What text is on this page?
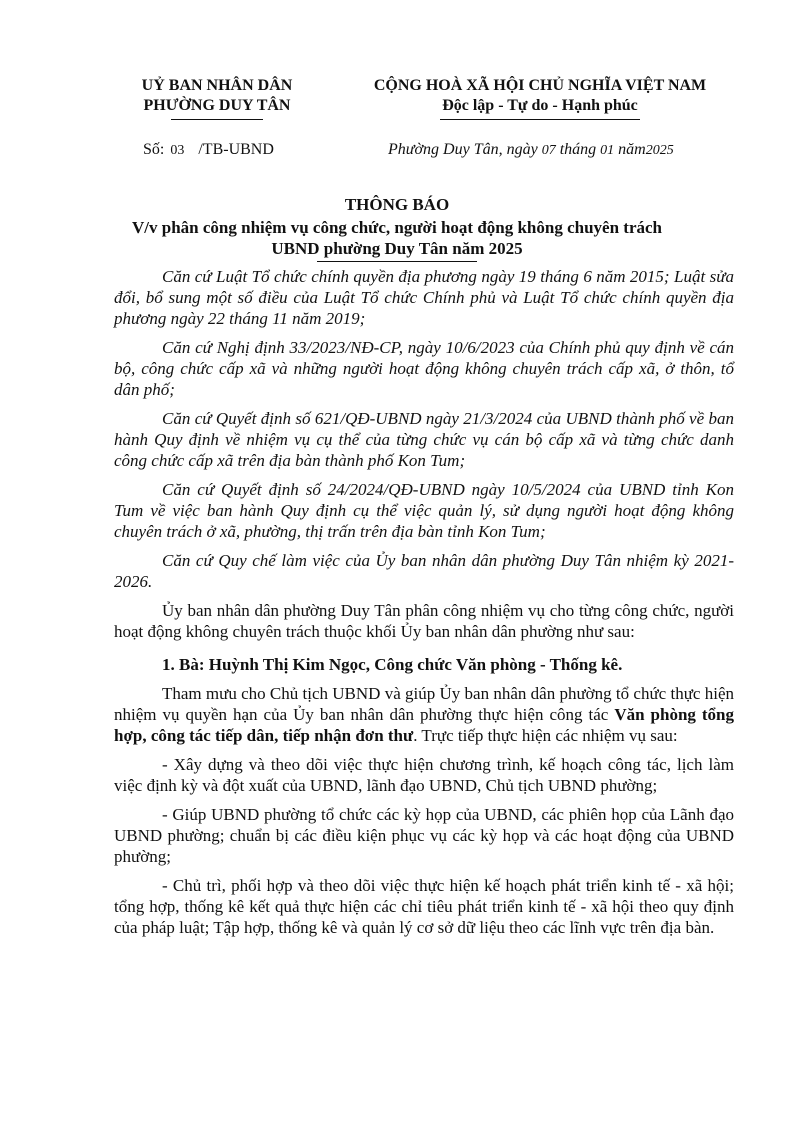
UỶ BAN NHÂN DÂN
PHƯỜNG DUY TÂN
CỘNG HOÀ XÃ HỘI CHỦ NGHĨA VIỆT NAM
Độc lập - Tự do - Hạnh phúc
Số: 03 /TB-UBND	Phường Duy Tân, ngày 07 tháng 01 năm2025
THÔNG BÁO
V/v phân công nhiệm vụ công chức, người hoạt động không chuyên trách
UBND phường Duy Tân năm 2025

Căn cứ Luật Tổ chức chính quyền địa phương ngày 19 tháng 6 năm 2015; Luật sửa đổi, bổ sung một số điều của Luật Tổ chức Chính phủ và Luật Tổ chức chính quyền địa phương ngày 22 tháng 11 năm 2019;

Căn cứ Nghị định 33/2023/NĐ-CP, ngày 10/6/2023 của Chính phủ quy định về cán bộ, công chức cấp xã và những người hoạt động không chuyên trách cấp xã, ở thôn, tổ dân phố;

Căn cứ Quyết định số 621/QĐ-UBND ngày 21/3/2024 của UBND thành phố về ban hành Quy định về nhiệm vụ cụ thể của từng chức vụ cán bộ cấp xã và từng chức danh công chức cấp xã trên địa bàn thành phố Kon Tum;

Căn cứ Quyết định số 24/2024/QĐ-UBND ngày 10/5/2024 của UBND tỉnh Kon Tum về việc ban hành Quy định cụ thể việc quản lý, sử dụng người hoạt động không chuyên trách ở xã, phường, thị trấn trên địa bàn tỉnh Kon Tum;

Căn cứ Quy chế làm việc của Ủy ban nhân dân phường Duy Tân nhiệm kỳ 2021- 2026.

Ủy ban nhân dân phường Duy Tân phân công nhiệm vụ cho từng công chức, người hoạt động không chuyên trách thuộc khối Ủy ban nhân dân phường như sau:

1. Bà: Huỳnh Thị Kim Ngọc, Công chức Văn phòng - Thống kê.

Tham mưu cho Chủ tịch UBND và giúp Ủy ban nhân dân phường tổ chức thực hiện nhiệm vụ quyền hạn của Ủy ban nhân dân phường thực hiện công tác Văn phòng tổng hợp, công tác tiếp dân, tiếp nhận đơn thư. Trực tiếp thực hiện các nhiệm vụ sau:

- Xây dựng và theo dõi việc thực hiện chương trình, kế hoạch công tác, lịch làm việc định kỳ và đột xuất của UBND, lãnh đạo UBND, Chủ tịch UBND phường;

- Giúp UBND phường tổ chức các kỳ họp của UBND, các phiên họp của Lãnh đạo UBND phường; chuẩn bị các điều kiện phục vụ các kỳ họp và các hoạt động của UBND phường;

- Chủ trì, phối hợp và theo dõi việc thực hiện kế hoạch phát triển kinh tế - xã hội; tổng hợp, thống kê kết quả thực hiện các chỉ tiêu phát triển kinh tế - xã hội theo quy định của pháp luật; Tập hợp, thống kê và quản lý cơ sở dữ liệu theo các lĩnh vực trên địa bàn.
